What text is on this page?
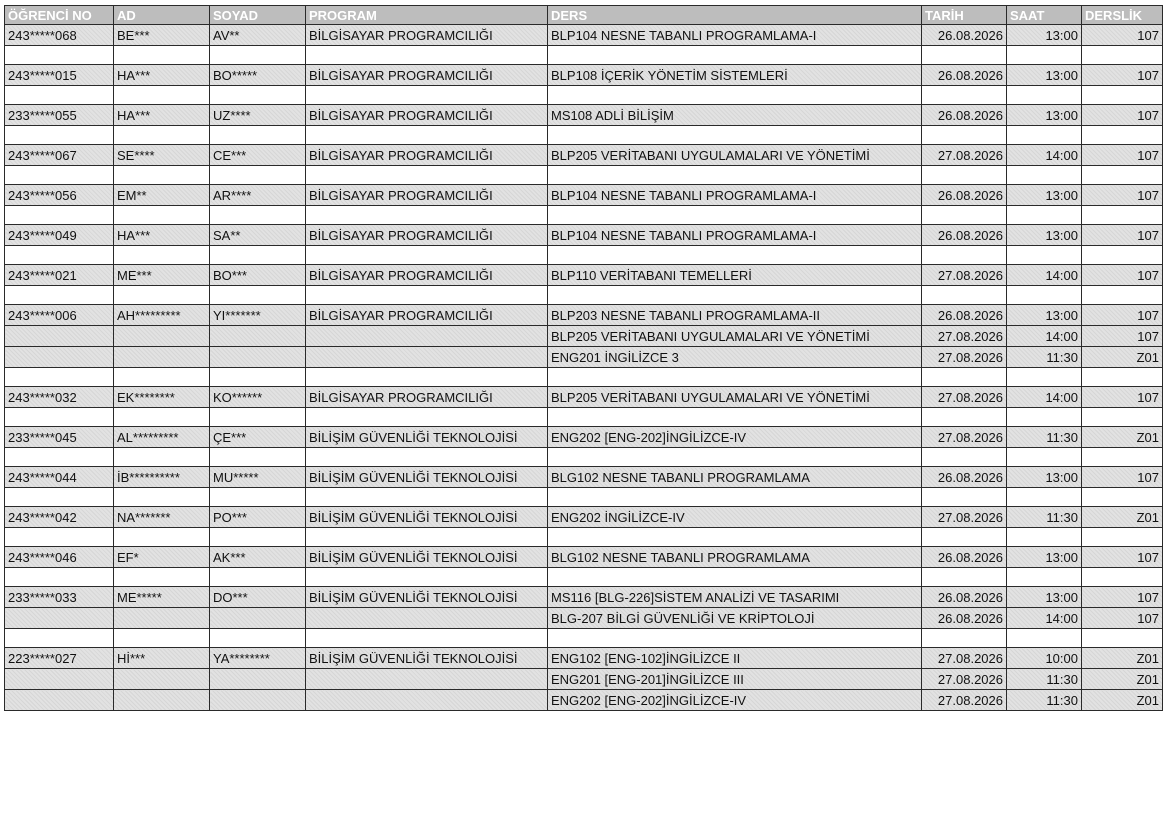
ÖĞRENCİ NO	AD	SOYAD	PROGRAM	DERS	TARİH	SAAT	DERSLİK
243*****068	BE***	AV**	BİLGİSAYAR PROGRAMCILIĞI	BLP104 NESNE TABANLI PROGRAMLAMA-I	26.08.2026	13:00	107

243*****015	HA***	BO*****	BİLGİSAYAR PROGRAMCILIĞI	BLP108 İÇERİK YÖNETİM SİSTEMLERİ	26.08.2026	13:00	107

233*****055	HA***	UZ****	BİLGİSAYAR PROGRAMCILIĞI	MS108 ADLİ BİLİŞİM	26.08.2026	13:00	107

243*****067	SE****	CE***	BİLGİSAYAR PROGRAMCILIĞI	BLP205 VERİTABANI UYGULAMALARI VE YÖNETİMİ	27.08.2026	14:00	107

243*****056	EM**	AR****	BİLGİSAYAR PROGRAMCILIĞI	BLP104 NESNE TABANLI PROGRAMLAMA-I	26.08.2026	13:00	107

243*****049	HA***	SA**	BİLGİSAYAR PROGRAMCILIĞI	BLP104 NESNE TABANLI PROGRAMLAMA-I	26.08.2026	13:00	107

243*****021	ME***	BO***	BİLGİSAYAR PROGRAMCILIĞI	BLP110 VERİTABANI TEMELLERİ	27.08.2026	14:00	107

243*****006	AH*********	YI*******	BİLGİSAYAR PROGRAMCILIĞI	BLP203 NESNE TABANLI PROGRAMLAMA-II	26.08.2026	13:00	107
				BLP205 VERİTABANI UYGULAMALARI VE YÖNETİMİ	27.08.2026	14:00	107
				ENG201 İNGİLİZCE 3	27.08.2026	11:30	Z01

243*****032	EK********	KO******	BİLGİSAYAR PROGRAMCILIĞI	BLP205 VERİTABANI UYGULAMALARI VE YÖNETİMİ	27.08.2026	14:00	107

233*****045	AL*********	ÇE***	BİLİŞİM GÜVENLİĞİ TEKNOLOJİSİ	ENG202 [ENG-202]İNGİLİZCE-IV	27.08.2026	11:30	Z01

243*****044	İB**********	MU*****	BİLİŞİM GÜVENLİĞİ TEKNOLOJİSİ	BLG102 NESNE TABANLI PROGRAMLAMA	26.08.2026	13:00	107

243*****042	NA*******	PO***	BİLİŞİM GÜVENLİĞİ TEKNOLOJİSİ	ENG202 İNGİLİZCE-IV	27.08.2026	11:30	Z01

243*****046	EF*	AK***	BİLİŞİM GÜVENLİĞİ TEKNOLOJİSİ	BLG102 NESNE TABANLI PROGRAMLAMA	26.08.2026	13:00	107

233*****033	ME*****	DO***	BİLİŞİM GÜVENLİĞİ TEKNOLOJİSİ	MS116 [BLG-226]SİSTEM ANALİZİ VE TASARIMI	26.08.2026	13:00	107
				BLG-207 BİLGİ GÜVENLİĞİ VE KRİPTOLOJİ	26.08.2026	14:00	107

223*****027	Hİ***	YA********	BİLİŞİM GÜVENLİĞİ TEKNOLOJİSİ	ENG102 [ENG-102]İNGİLİZCE II	27.08.2026	10:00	Z01
				ENG201 [ENG-201]İNGİLİZCE III	27.08.2026	11:30	Z01
				ENG202 [ENG-202]İNGİLİZCE-IV	27.08.2026	11:30	Z01
